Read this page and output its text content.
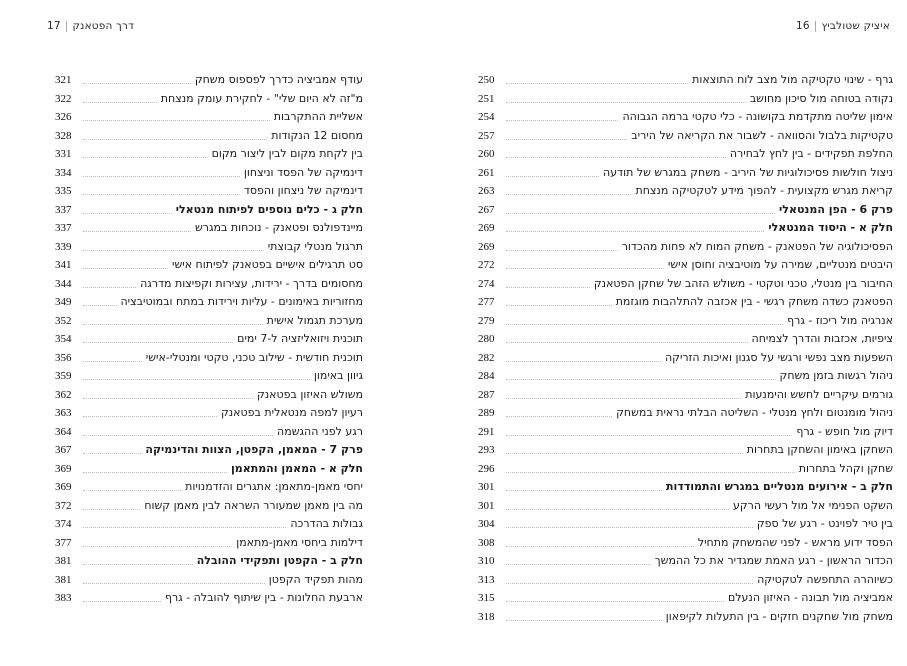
דרך הפטאנק|17	איציק שטולביץ|16
גרף - שינוי טקטיקה מול מצב לוח התוצאות
250
נקודה בטוחה מול סיכון מחושב
251
אימון שליטה מתקדמת בקושונה - כלי טקטי ברמה הגבוהה
254
טקטיקות בלבול והסוואה - לשבור את הקריאה של היריב
257
החלפת תפקידים - בין לחץ לבחירה
260
ניצול חולשות פסיכולוגיות של היריב - משחק במגרש של תודעה
261
קריאת מגרש מקצועית - להפוך מידע לטקטיקה מנצחת
263
פרק 6 - הפן המנטאלי
267
חלק א - היסוד המנטאלי
269
הפסיכולוגיה של הפטאנק - משחק המוח לא פחות מהכדור
269
היבטים מנטליים, שמירה על מוטיבציה וחוסן אישי
272
החיבור בין מנטלי, טכני וטקטי - משולש הזהב של שחקן הפטאנק
274
הפטאנק כשדה משחק רגשי - בין אכזבה להתלהבות מוגזמת
277
אנרגיה מול ריכוז - גרף
279
ציפיות, אכזבות והדרך לצמיחה
280
השפעות מצב נפשי ורגשי על סגנון ואיכות הזריקה
282
ניהול רגשות בזמן משחק
284
גורמים עיקריים לחשש והימנעות
287
ניהול מומנטום ולחץ מנטלי - השליטה הבלתי נראית במשחק
289
דיוק מול חופש - גרף
291
השחקן באימון והשחקן בתחרות
293
שחקן וקהל בתחרות
296
חלק ב - אירועים מנטליים במגרש והתמודדות
301
השקט הפנימי אל מול רעשי הרקע
301
בין טיר לפוינט - רגע של ספק
304
הפסד ידוע מראש - לפני שהמשחק מתחיל
308
הכדור הראשון - רגע האמת שמגדיר את כל ההמשך
310
כשיוהרה התחפשה לטקטיקה
313
אמביציה מול תבונה - האיזון הנעלם
315
משחק מול שחקנים חזקים - בין התעלות לקיפאון
318
עודף אמביציה כדרך לפספוס משחק
321
מ"זה לא היום שלי" - לחקירת עומק מנצחת
322
אשליית ההתקרבות
326
מחסום 12 הנקודות
328
בין לקחת מקום לבין ליצור מקום
331
דינמיקה של הפסד וניצחון
334
דינמיקה של ניצחון והפסד
335
חלק ג - כלים נוספים לפיתוח מנטאלי
337
מיינדפולנס ופטאנק - נוכחות במגרש
337
תרגול מנטלי קבוצתי
339
סט תרגילים אישיים בפטאנק לפיתוח אישי
341
מחסומים בדרך - ירידות, עצירות וקפיצות מדרגה
344
מחזוריות באימונים - עליות וירידות במתח ובמוטיבציה
349
מערכת תגמול אישית
352
תוכנית ויזואליזציה ל-7 ימים
354
תוכנית חודשית - שילוב טכני, טקטי ומנטלי-אישי
356
גיוון באימון
359
משולש האיזון בפטאנק
362
רעיון למפה מנטאלית בפטאנק
363
רגע לפני ההגשמה
364
פרק 7 - המאמן, הקפטן, הצוות והדינמיקה
367
חלק א - המאמן והמתאמן
369
יחסי מאמן-מתאמן: אתגרים והזדמנויות
369
מה בין מאמן שמעורר השראה לבין מאמן קשוח
372
גבולות בהדרכה
374
דילמות ביחסי מאמן-מתאמן
377
חלק ב - הקפטן ותפקידי ההובלה
381
מהות תפקיד הקפטן
381
ארבעת החלונות - בין שיתוף להובלה - גרף
383
